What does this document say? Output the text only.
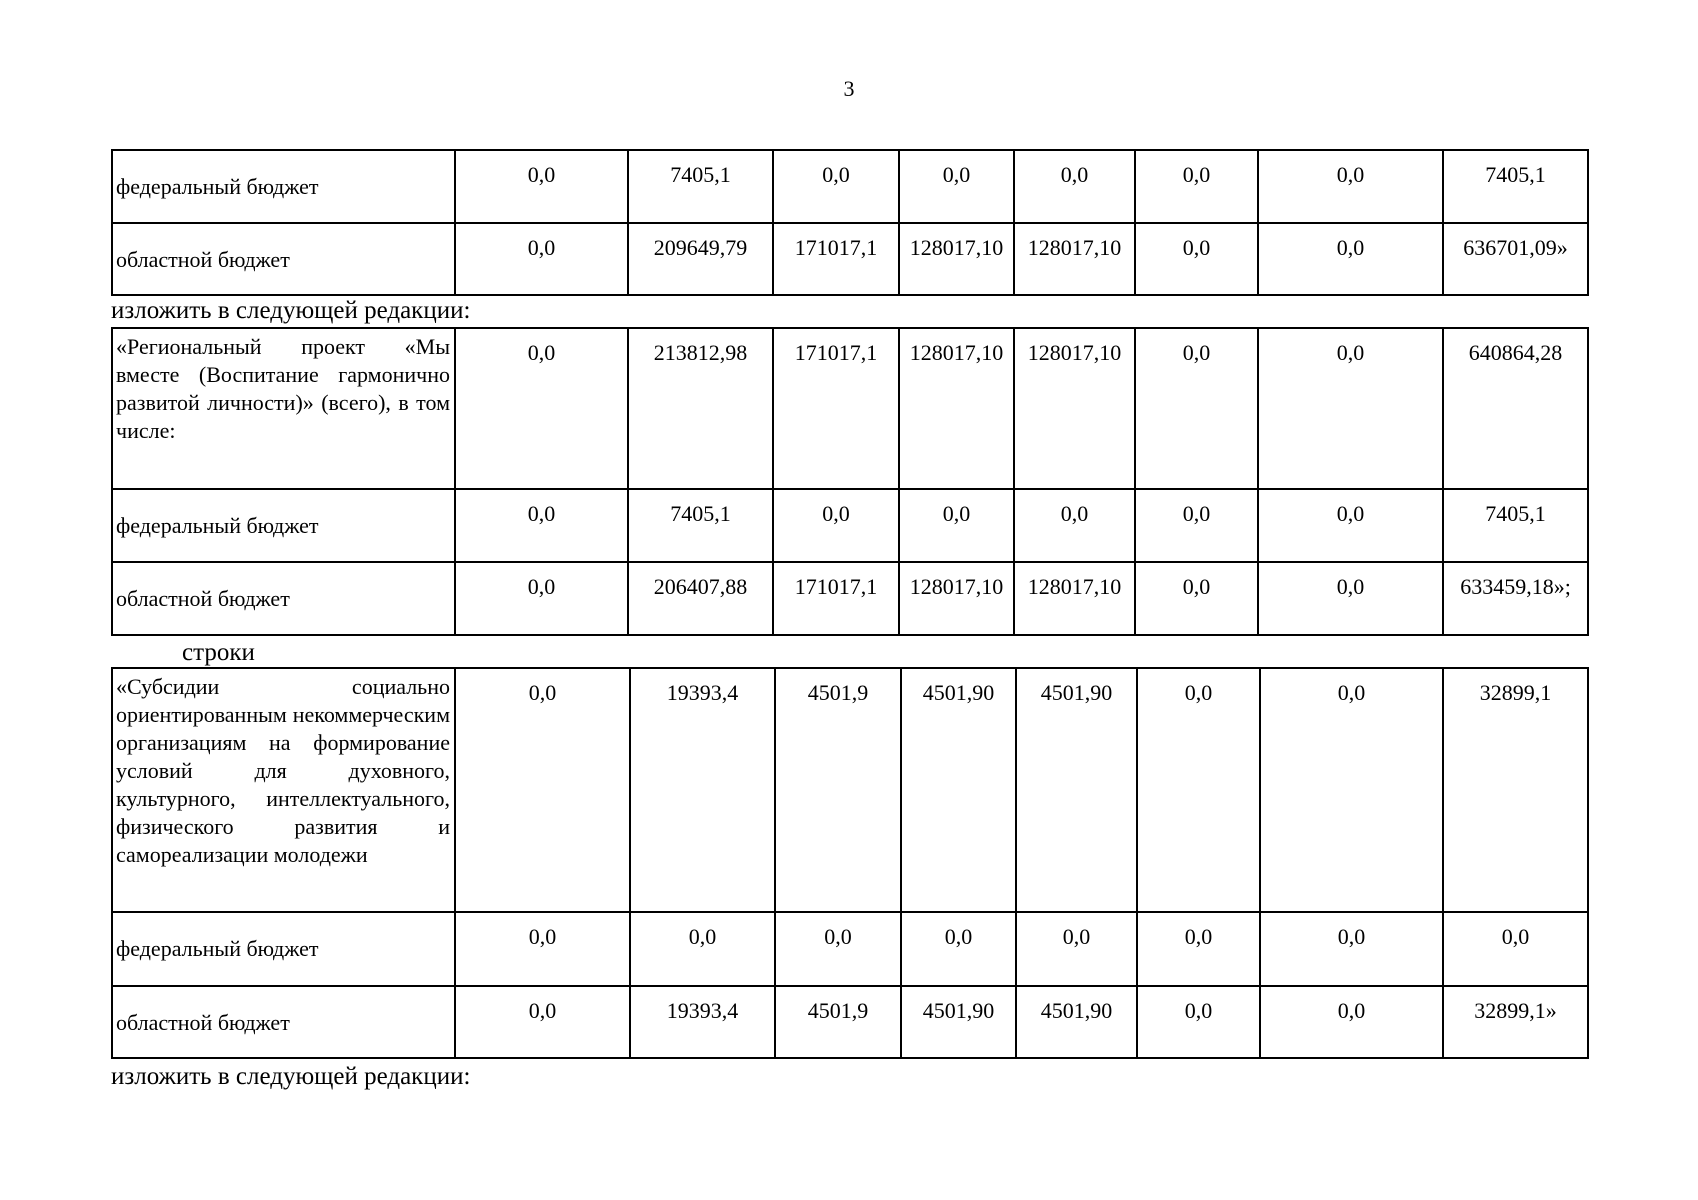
3
федеральный бюджет	0,0	7405,1	0,0	0,0	0,0	0,0	0,0	7405,1
областной бюджет	0,0	209649,79	171017,1	128017,10	128017,10	0,0	0,0	636701,09»
изложить в следующей редакции:
«Региональный проект «Мы вместе (Воспитание гармонично развитой личности)» (всего), в том числе:	0,0	213812,98	171017,1	128017,10	128017,10	0,0	0,0	640864,28
федеральный бюджет	0,0	7405,1	0,0	0,0	0,0	0,0	0,0	7405,1
областной бюджет	0,0	206407,88	171017,1	128017,10	128017,10	0,0	0,0	633459,18»;
строки
«Субсидии социально ориентированным некоммерческим организациям на формирование условий для духовного, культурного, интеллектуального, физического развития и самореализации молодежи	0,0	19393,4	4501,9	4501,90	4501,90	0,0	0,0	32899,1
федеральный бюджет	0,0	0,0	0,0	0,0	0,0	0,0	0,0	0,0
областной бюджет	0,0	19393,4	4501,9	4501,90	4501,90	0,0	0,0	32899,1»
изложить в следующей редакции:
